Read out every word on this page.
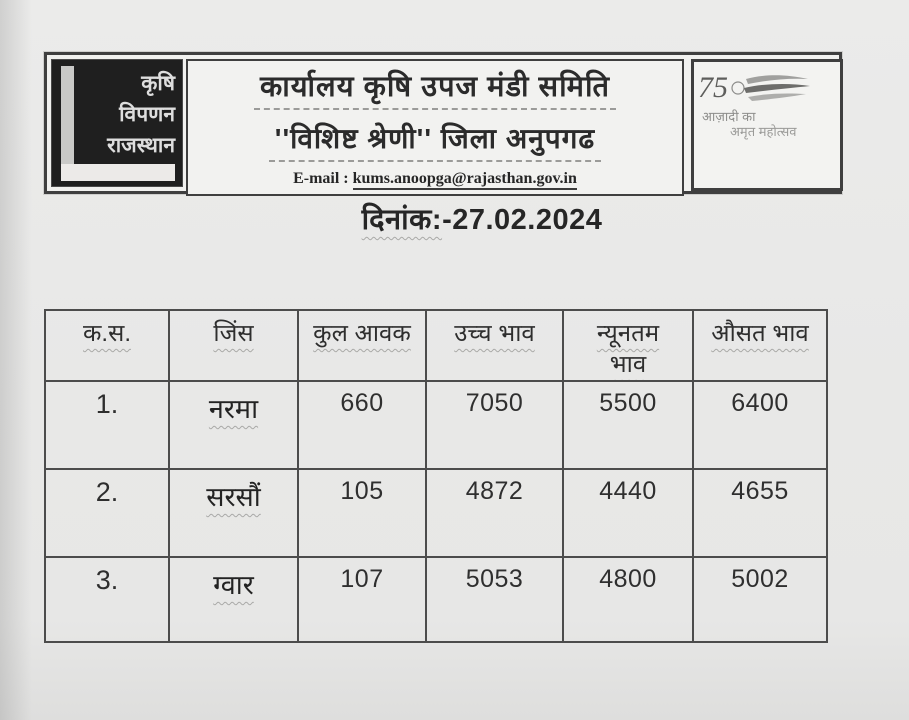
कृषि
विपणन
राजस्थान
कार्यालय कृषि उपज मंडी समिति
''विशिष्ट श्रेणी'' जिला अनुपगढ
E-mail : kums.anoopga@rajasthan.gov.in
75
आज़ादी का
अमृत महोत्सव
दिनांक:-27.02.2024
क.स.	जिंस	कुल आवक	उच्च भाव	न्यूनतम भाव	औसत भाव
1.	नरमा	660	7050	5500	6400
2.	सरसौं	105	4872	4440	4655
3.	ग्वार	107	5053	4800	5002
